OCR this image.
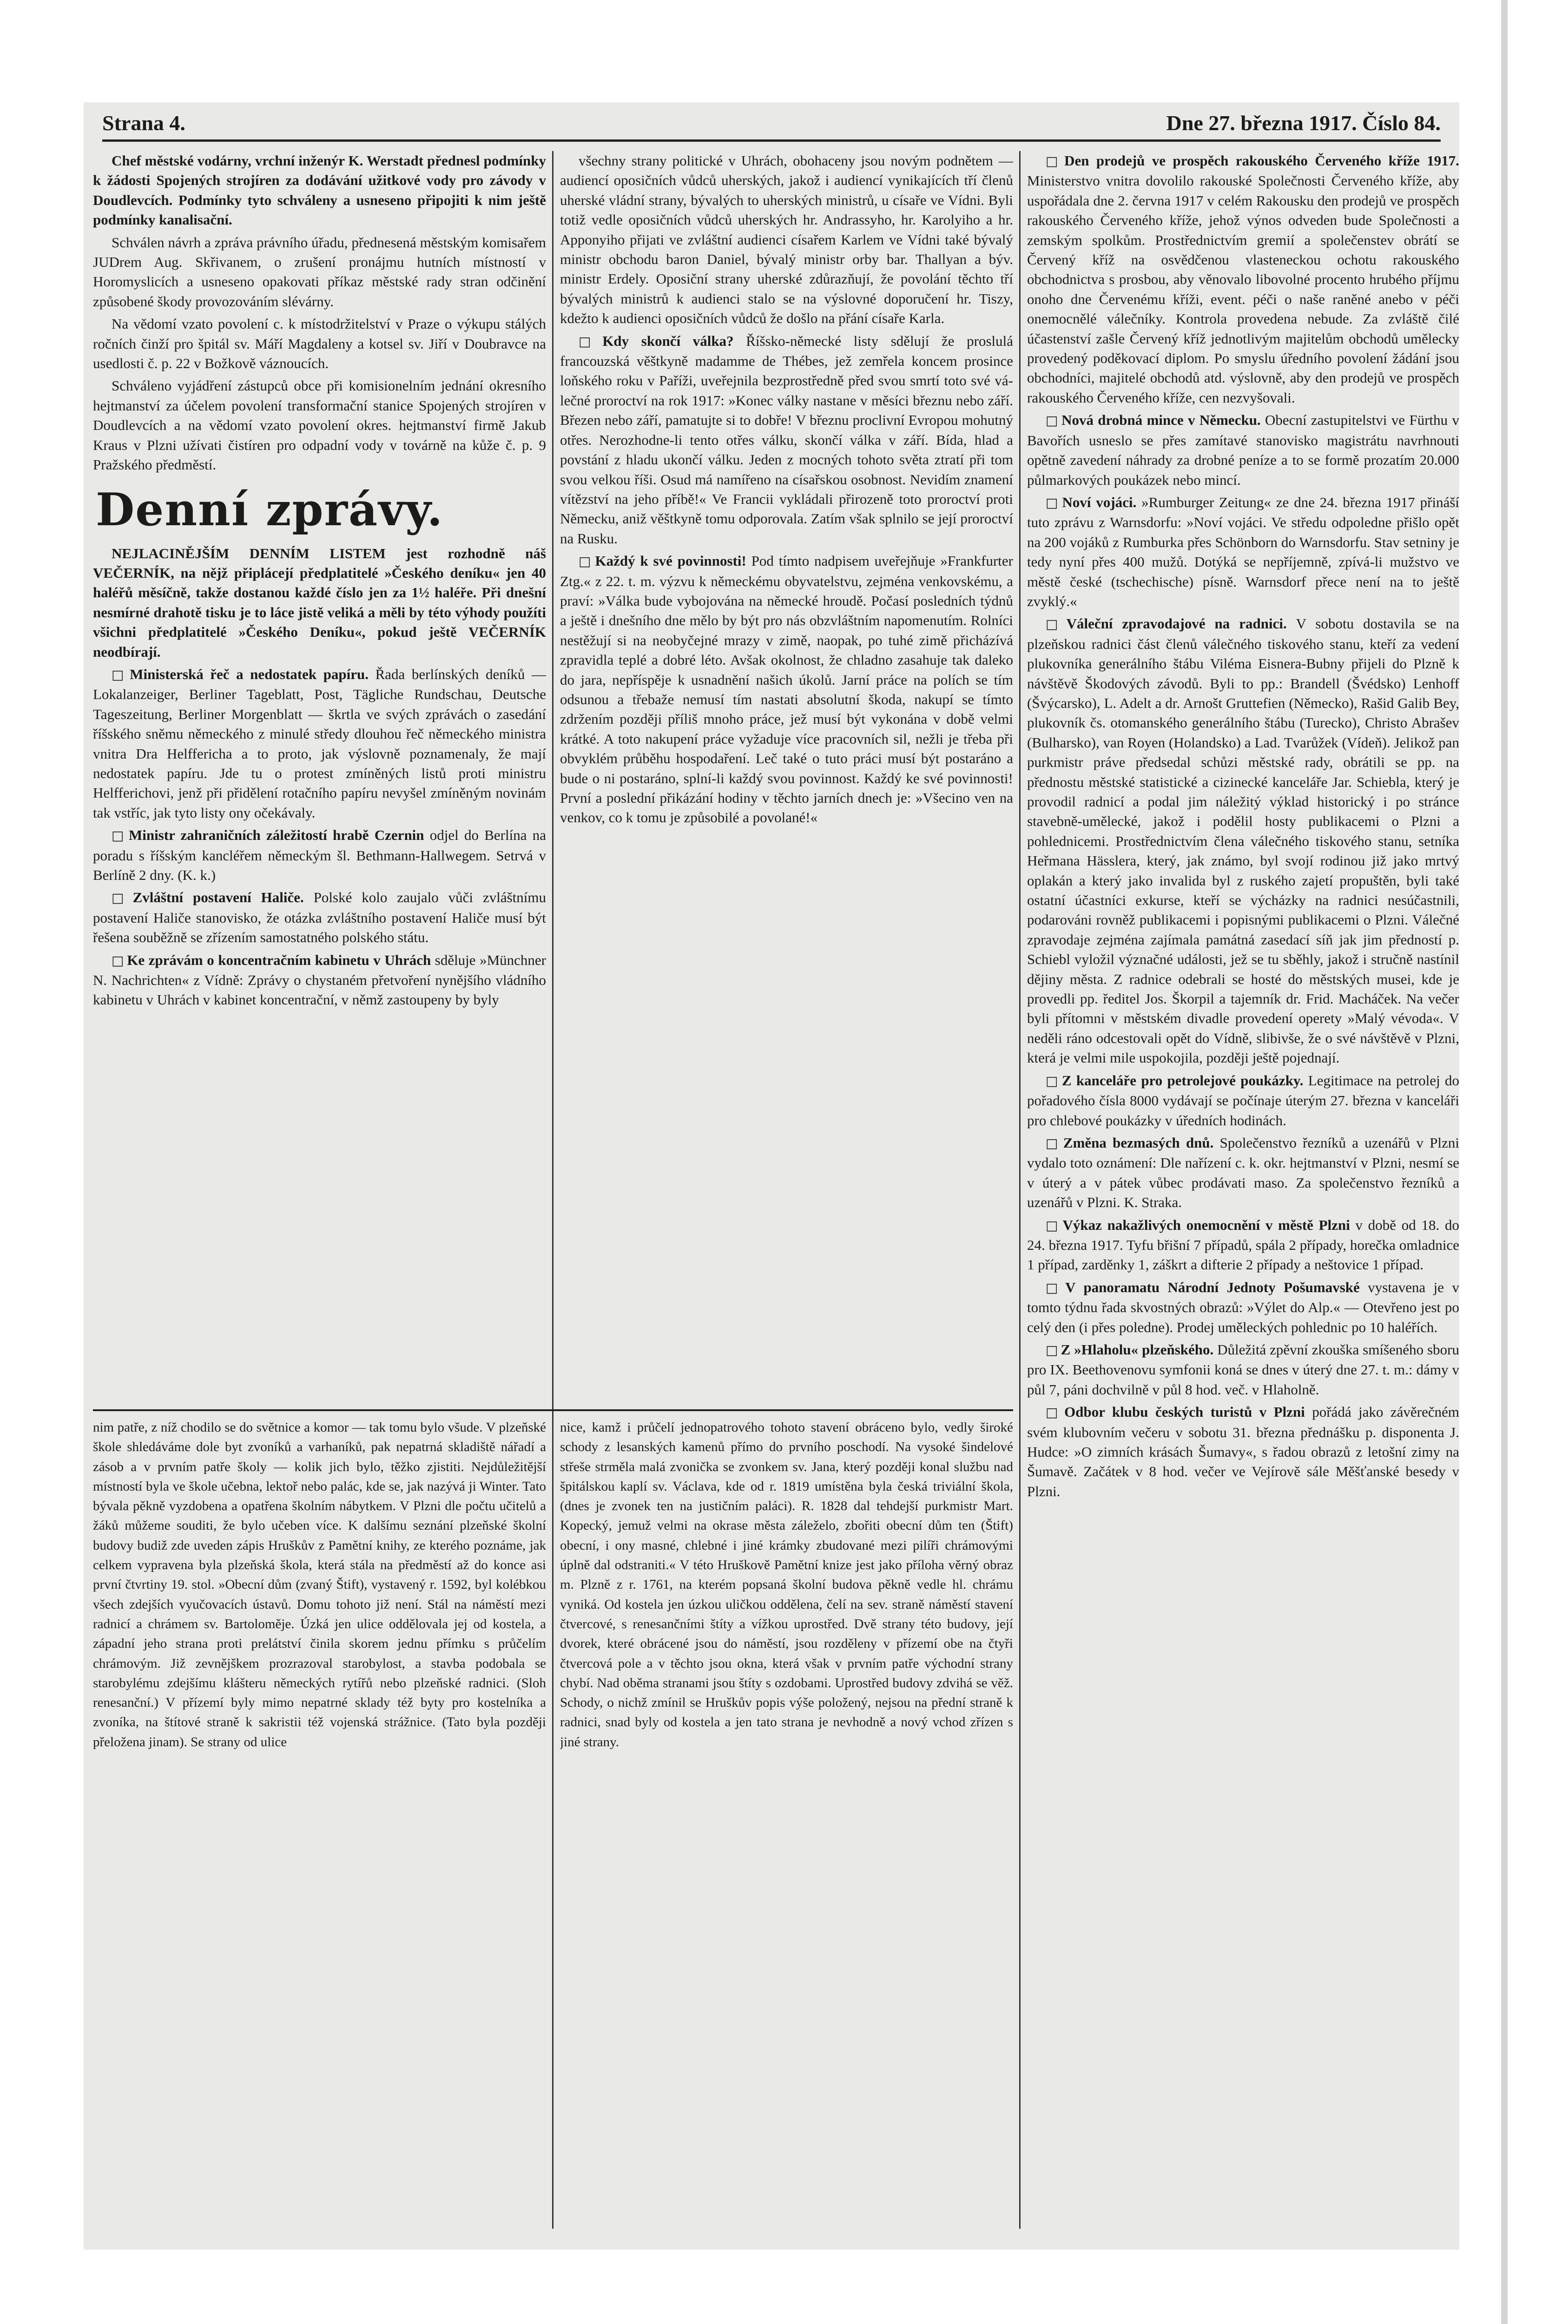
Strana 4.	Dne 27. března 1917. Číslo 84.

Chef městské vodárny, vrchní inženýr K. Werstadt přednesl podmínky k žádosti Spojených strojíren za dodávání užitkové vody pro závody v Doudlevcích. Podmínky tyto schváleny a usneseno připojiti k nim ještě podmínky kanalisační.

Schválen návrh a zpráva právního úřadu, přednesená městským komisařem JUDrem Aug. Skřivanem, o zrušení pronájmu hutních místností v Horomyslicích a usneseno opakovati příkaz městské rady stran odčinění způsobené škody provozováním slévárny.

Na vědomí vzato povolení c. k místodržitelství v Praze o výkupu stálých ročních činží pro špitál sv. Máří Magdaleny a kotsel sv. Jiří v Doubravce na usedlosti č. p. 22 v Božkově váznoucích.

Schváleno vyjádření zástupců obce při komisionelním jednání okresního hejtmanství za účelem povolení transformační stanice Spojených strojíren v Doudlevcích a na vědomí vzato povolení okres. hejtmanství firmě Jakub Kraus v Plzni užívati čistíren pro odpadní vody v továrně na kůže č. p. 9 Pražského předměstí.

Denní zprávy.

NEJLACINĚJŠÍM DENNÍM LISTEM jest rozhodně náš VEČERNÍK, na nějž připlácejí předplatitelé »Českého deníku« jen 40 haléřů měsíčně, takže dostanou každé číslo jen za 1½ haléře. Při dnešní nesmírné drahotě tisku je to láce jistě veliká a měli by této výhody použíti všichni předplatitelé »Českého Deníku«, pokud ještě VEČERNÍK neodbírají.

□ Ministerská řeč a nedostatek papíru. Řada berlínských deníků — Lokalanzeiger, Berliner Tageblatt, Post, Tägliche Rundschau, Deutsche Tageszeitung, Berliner Morgenblatt — škrtla ve svých zprávách o zasedání říšského sněmu německého z minulé středy dlouhou řeč německého ministra vnitra Dra Helffericha a to proto, jak výslovně poznamenaly, že mají nedostatek papíru. Jde tu o protest zmíněných listů proti ministru Helfferichovi, jenž při přidělení rotačního papíru nevyšel zmíněným novinám tak vstříc, jak tyto listy ony očekávaly.

□ Ministr zahraničních záležitostí hrabě Czernin odjel do Berlína na poradu s říšským kancléřem německým šl. Bethmann-Hallwegem. Setrvá v Berlíně 2 dny. (K. k.)

□ Zvláštní postavení Haliče. Polské kolo zaujalo vůči zvláštnímu postavení Haliče stanovisko, že otázka zvláštního postavení Haliče musí být řešena souběžně se zřízením samostatného polského státu.

□ Ke zprávám o koncentračním kabinetu v Uhrách sděluje »Münchner N. Nachrichten« z Vídně: Zprávy o chystaném přetvoření nynějšího vládního kabinetu v Uhrách v kabinet koncentrační, v němž zastoupeny by byly

všechny strany politické v Uhrách, obohaceny jsou novým podnětem — audiencí oposičních vůdců uherských, jakož i audiencí vynikajících tří členů uherské vládní strany, bývalých to uherských ministrů, u císaře ve Vídni. Byli totiž vedle oposičních vůdců uherských hr. Andrassyho, hr. Karolyiho a hr. Apponyiho přijati ve zvláštní audienci císařem Karlem ve Vídni také bývalý ministr obchodu baron Daniel, bývalý ministr orby bar. Thallyan a býv. ministr Erdely. Oposiční strany uherské zdůrazňují, že povolání těchto tří bývalých ministrů k audienci stalo se na výslovné doporučení hr. Tiszy, kdežto k audienci oposičních vůdců že došlo na přání císaře Karla.

□ Kdy skončí válka? Říšsko-německé listy sdělují že proslulá francouzská věštkyně madamme de Thébes, jež zemřela koncem prosince loňského roku v Paříži, uveřejnila bezprostředně před svou smrtí toto své válečné proroctví na rok 1917: »Konec války nastane v měsíci březnu nebo září. Březen nebo září, pamatujte si to dobře! V březnu proclivní Evropou mohutný otřes. Nerozhodne-li tento otřes válku, skončí válka v září. Bída, hlad a povstání z hladu ukončí válku. Jeden z mocných tohoto světa ztratí při tom svou velkou říši. Osud má namířeno na císařskou osobnost. Nevidím znamení vítězství na jeho příbě!« Ve Francii vykládali přirozeně toto proroctví proti Německu, aniž věštkyně tomu odporovala. Zatím však splnilo se její proroctví na Rusku.

□ Každý k své povinnosti! Pod tímto nadpisem uveřejňuje »Frankfurter Ztg.« z 22. t. m. výzvu k německému obyvatelstvu, zejména venkovskému, a praví: »Válka bude vybojována na německé hroudě. Počasí posledních týdnů a ještě i dnešního dne mělo by být pro nás obzvláštním napomenutím. Rolníci nestěžují si na neobyčejné mrazy v zimě, naopak, po tuhé zimě přicházívá zpravidla teplé a dobré léto. Avšak okolnost, že chladno zasahuje tak daleko do jara, nepříspěje k usnadnění našich úkolů. Jarní práce na polích se tím odsunou a třebaže nemusí tím nastati absolutní škoda, nakupí se tímto zdržením později příliš mnoho práce, jež musí být vykonána v době velmi krátké. A toto nakupení práce vyžaduje více pracovních sil, nežli je třeba při obvyklém průběhu hospodaření. Leč také o tuto práci musí být postaráno a bude o ni postaráno, splní-li každý svou povinnost. Každý ke své povinnosti! První a poslední přikázání hodiny v těchto jarních dnech je: »Všecino ven na venkov, co k tomu je způsobilé a povolané!«

□ Den prodejů ve prospěch rakouského Červeného kříže 1917. Ministerstvo vnitra dovolilo rakouské Společnosti Červeného kříže, aby uspořádala dne 2. června 1917 v celém Rakousku den prodejů ve prospěch rakouského Červeného kříže, jehož výnos odveden bude Společnosti a zemským spolkům. Prostřednictvím gremií a společenstev obrátí se Červený kříž na osvědčenou vlasteneckou ochotu rakouského obchodnictva s prosbou, aby věnovalo libovolné procento hrubého příjmu onoho dne Červenému kříži, event. péči o naše raněné anebo v péči onemocnělé válečníky. Kontrola provedena nebude. Za zvláště čilé účastenství zašle Červený kříž jednotlivým majitelům obchodů umělecky provedený poděkovací diplom. Po smyslu úředního povolení žádání jsou obchodníci, majitelé obchodů atd. výslovně, aby den prodejů ve prospěch rakouského Červeného kříže, cen nezvyšovali.

□ Nová drobná mince v Německu. Obecní zastupitelstvi ve Fürthu v Bavořích usneslo se přes zamítavé stanovisko magistrátu navrhnouti opětně zavedení náhrady za drobné peníze a to se formě prozatím 20.000 půlmarkových poukázek nebo mincí.

□ Noví vojáci. »Rumburger Zeitung« ze dne 24. března 1917 přináší tuto zprávu z Warnsdorfu: »Noví vojáci. Ve středu odpoledne přišlo opět na 200 vojáků z Rumburka přes Schönborn do Warnsdorfu. Stav setniny je tedy nyní přes 400 mužů. Dotýká se nepříjemně, zpívá-li mužstvo ve městě české (tschechische) písně. Warnsdorf přece není na to ještě zvyklý.«

□ Váleční zpravodajové na radnici. V sobotu dostavila se na plzeňskou radnici část členů válečného tiskového stanu, kteří za vedení plukovníka generálního štábu Viléma Eisnera-Bubny přijeli do Plzně k návštěvě Škodových závodů. Byli to pp.: Brandell (Švédsko) Lenhoff (Švýcarsko), L. Adelt a dr. Arnošt Gruttefien (Německo), Rašid Galib Bey, plukovník čs. otomanského generálního štábu (Turecko), Christo Abrašev (Bulharsko), van Royen (Holandsko) a Lad. Tvarůžek (Vídeň). Jelikož pan purkmistr práve předsedal schůzi městské rady, obrátili se pp. na přednostu městské statistické a cizinecké kanceláře Jar. Schiebla, který je provodil radnicí a podal jim náležitý výklad historický i po stránce stavebně-umělecké, jakož i podělil hosty publikacemi o Plzni a pohlednicemi. Prostřednictvím člena válečného tiskového stanu, setníka Heřmana Hässlera, který, jak známo, byl svojí rodinou již jako mrtvý oplakán a který jako invalida byl z ruského zajetí propuštěn, byli také ostatní účastníci exkurse, kteří se výcházky na radnici nesúčastnili, podarováni rovněž publikacemi i popisnými publikacemi o Plzni. Válečné zpravodaje zejména zajímala památná zasedací síň jak jim předností p. Schiebl vyložil význačné události, jež se tu sběhly, jakož i stručně nastínil dějiny města. Z radnice odebrali se hosté do městských musei, kde je provedli pp. ředitel Jos. Škorpil a tajemník dr. Frid. Macháček. Na večer byli přítomni v městském divadle provedení operety »Malý vévoda«. V neděli ráno odcestovali opět do Vídně, slibivše, že o své návštěvě v Plzni, která je velmi mile uspokojila, později ještě pojednají.

□ Z kanceláře pro petrolejové poukázky. Legitimace na petrolej do pořadového čísla 8000 vydávají se počínaje úterým 27. března v kanceláři pro chlebové poukázky v úředních hodinách.

□ Změna bezmasých dnů. Společenstvo řezníků a uzenářů v Plzni vydalo toto oznámení: Dle nařízení c. k. okr. hejtmanství v Plzni, nesmí se v úterý a v pátek vůbec prodávati maso. Za společenstvo řezníků a uzenářů v Plzni. K. Straka.

□ Výkaz nakažlivých onemocnění v městě Plzni v době od 18. do 24. března 1917. Tyfu břišní 7 případů, spála 2 případy, horečka omladnice 1 případ, zarděnky 1, záškrt a difterie 2 případy a neštovice 1 případ.

□ V panoramatu Národní Jednoty Pošumavské vystavena je v tomto týdnu řada skvostných obrazů: »Výlet do Alp.« — Otevřeno jest po celý den (i přes poledne). Prodej uměleckých pohlednic po 10 haléřích.

□ Z »Hlaholu« plzeňského. Důležitá zpěvní zkouška smíšeného sboru pro IX. Beethovenovu symfonii koná se dnes v úterý dne 27. t. m.: dámy v půl 7, páni dochvilně v půl 8 hod. več. v Hlaholně.

□ Odbor klubu českých turistů v Plzni pořádá jako závěrečném svém klubovním večeru v sobotu 31. března přednášku p. disponenta J. Hudce: »O zimních krásách Šumavy«, s řadou obrazů z letošní zimy na Šumavě. Začátek v 8 hod. večer ve Vejírově sále Měšťanské besedy v Plzni.

nim patře, z níž chodilo se do světnice a komor — tak tomu bylo všude. V plzeňské škole shledáváme dole byt zvoníků a varhaníků, pak nepatrná skladiště nářadí a zásob a v prvním patře školy — kolik jich bylo, těžko zjistiti. Nejdůležitější místností byla ve škole učebna, lektoř nebo palác, kde se, jak nazývá ji Winter. Tato bývala pěkně vyzdobena a opatřena školním nábytkem. V Plzni dle počtu učitelů a žáků můžeme souditi, že bylo učeben více. K dalšímu seznání plzeňské školní budovy budiž zde uveden zápis Hruškův z Pamětní knihy, ze kterého poznáme, jak celkem vypravena byla plzeňská škola, která stála na předměstí až do konce asi první čtvrtiny 19. stol. »Obecní dům (zvaný Štift), vystavený r. 1592, byl kolébkou všech zdejších vyučovacích ústavů. Domu tohoto již není. Stál na náměstí mezi radnicí a chrámem sv. Bartoloměje. Úzká jen ulice oddělovala jej od kostela, a západní jeho strana proti prelátství činila skorem jednu přímku s průčelím chrámovým. Již zevnějškem prozrazoval starobylost, a stavba podobala se starobylému zdejšímu klášteru německých rytířů nebo plzeňské radnici. (Sloh renesanční.) V přízemí byly mimo nepatrné sklady též byty pro kostelníka a zvoníka, na štítové straně k sakristii též vojenská strážnice. (Tato byla později přeložena jinam). Se strany od ulice

nice, kamž i průčelí jednopatrového tohoto stavení obráceno bylo, vedly široké schody z lesanských kamenů přímo do prvního poschodí. Na vysoké šindelové střeše strměla malá zvonička se zvonkem sv. Jana, který později konal službu nad špitálskou kaplí sv. Václava, kde od r. 1819 umístěna byla česká triviální škola, (dnes je zvonek ten na justičním paláci). R. 1828 dal tehdejší purkmistr Mart. Kopecký, jemuž velmi na okrase města záleželo, zbořiti obecní dům ten (Štift) obecní, i ony masné, chlebné i jiné krámky zbudované mezi pilíři chrámovými úplně dal odstraniti.« V této Hruškově Pamětní knize jest jako příloha věrný obraz m. Plzně z r. 1761, na kterém popsaná školní budova pěkně vedle hl. chrámu vyniká. Od kostela jen úzkou uličkou oddělena, čelí na sev. straně náměstí stavení čtvercové, s renesančními štíty a vížkou uprostřed. Dvě strany této budovy, její dvorek, které obrácené jsou do náměstí, jsou rozděleny v přízemí obe na čtyři čtvercová pole a v těchto jsou okna, která však v prvním patře východní strany chybí. Nad oběma stranami jsou štíty s ozdobami. Uprostřed budovy zdvihá se věž. Schody, o nichž zmínil se Hruškův popis výše položený, nejsou na přední straně k radnici, snad byly od kostela a jen tato strana je nevhodně a nový vchod zřízen s jiné strany.
